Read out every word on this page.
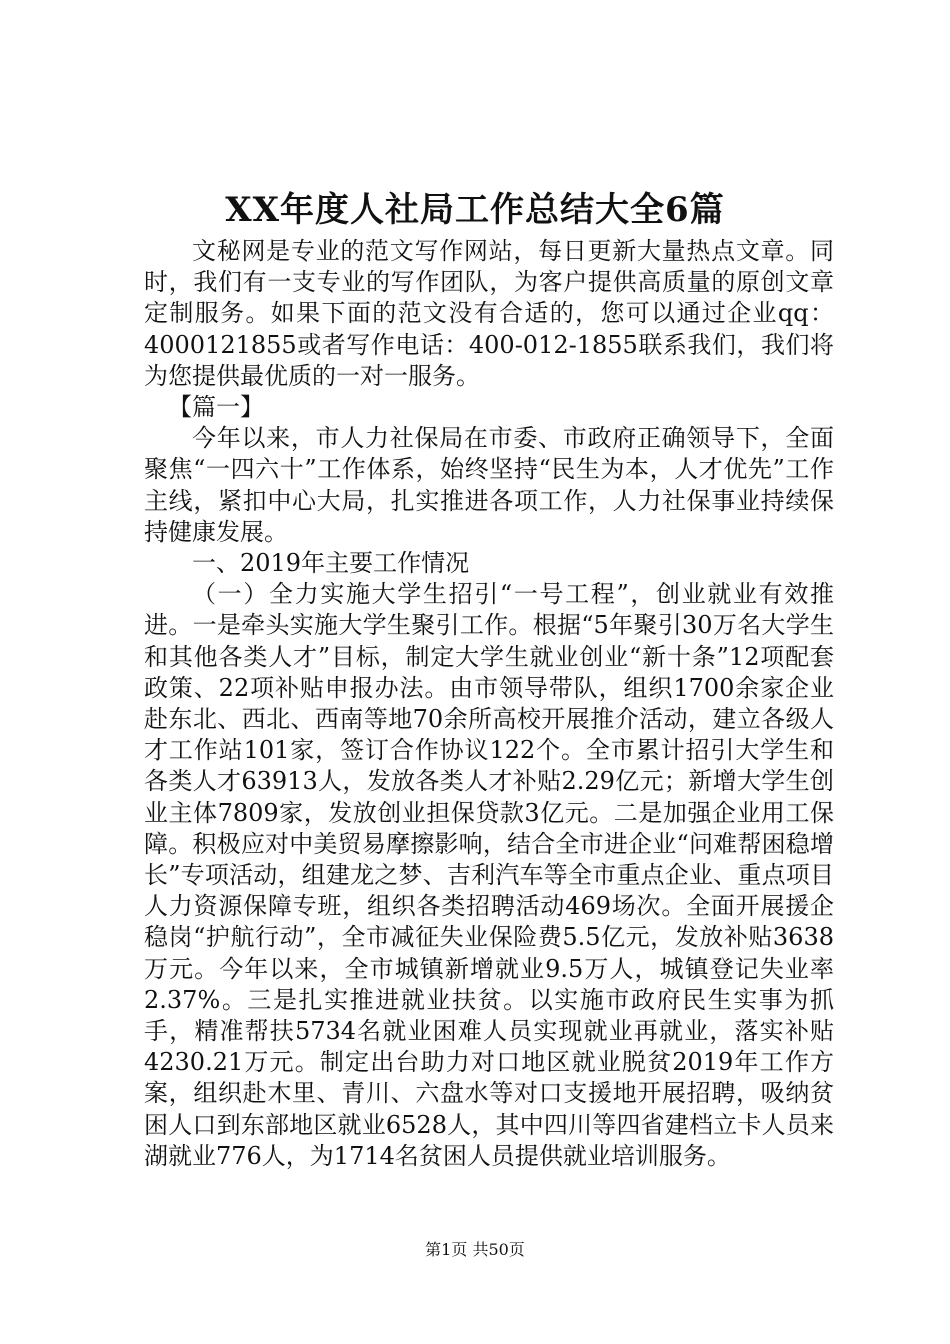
XX年度人社局工作总结大全6篇

文秘网是专业的范文写作网站，每日更新大量热点文章。同时，我们有一支专业的写作团队，为客户提供高质量的原创文章定制服务。如果下面的范文没有合适的，您可以通过企业qq：4000121855或者写作电话：400-012-1855联系我们，我们将为您提供最优质的一对一服务。

【篇一】

今年以来，市人力社保局在市委、市政府正确领导下，全面聚焦“一四六十”工作体系，始终坚持“民生为本，人才优先”工作主线，紧扣中心大局，扎实推进各项工作，人力社保事业持续保持健康发展。

一、2019年主要工作情况

（一）全力实施大学生招引“一号工程”，创业就业有效推进。一是牵头实施大学生聚引工作。根据“5年聚引30万名大学生和其他各类人才”目标，制定大学生就业创业“新十条”12项配套政策、22项补贴申报办法。由市领导带队，组织1700余家企业赴东北、西北、西南等地70余所高校开展推介活动，建立各级人才工作站101家，签订合作协议122个。全市累计招引大学生和各类人才63913人，发放各类人才补贴2.29亿元；新增大学生创业主体7809家，发放创业担保贷款3亿元。二是加强企业用工保障。积极应对中美贸易摩擦影响，结合全市进企业“问难帮困稳增长”专项活动，组建龙之梦、吉利汽车等全市重点企业、重点项目人力资源保障专班，组织各类招聘活动469场次。全面开展援企稳岗“护航行动”，全市减征失业保险费5.5亿元，发放补贴3638万元。今年以来，全市城镇新增就业9.5万人，城镇登记失业率2.37%。三是扎实推进就业扶贫。以实施市政府民生实事为抓手，精准帮扶5734名就业困难人员实现就业再就业，落实补贴4230.21万元。制定出台助力对口地区就业脱贫2019年工作方案，组织赴木里、青川、六盘水等对口支援地开展招聘，吸纳贫困人口到东部地区就业6528人，其中四川等四省建档立卡人员来湖就业776人，为1714名贫困人员提供就业培训服务。

第1页 共50页
